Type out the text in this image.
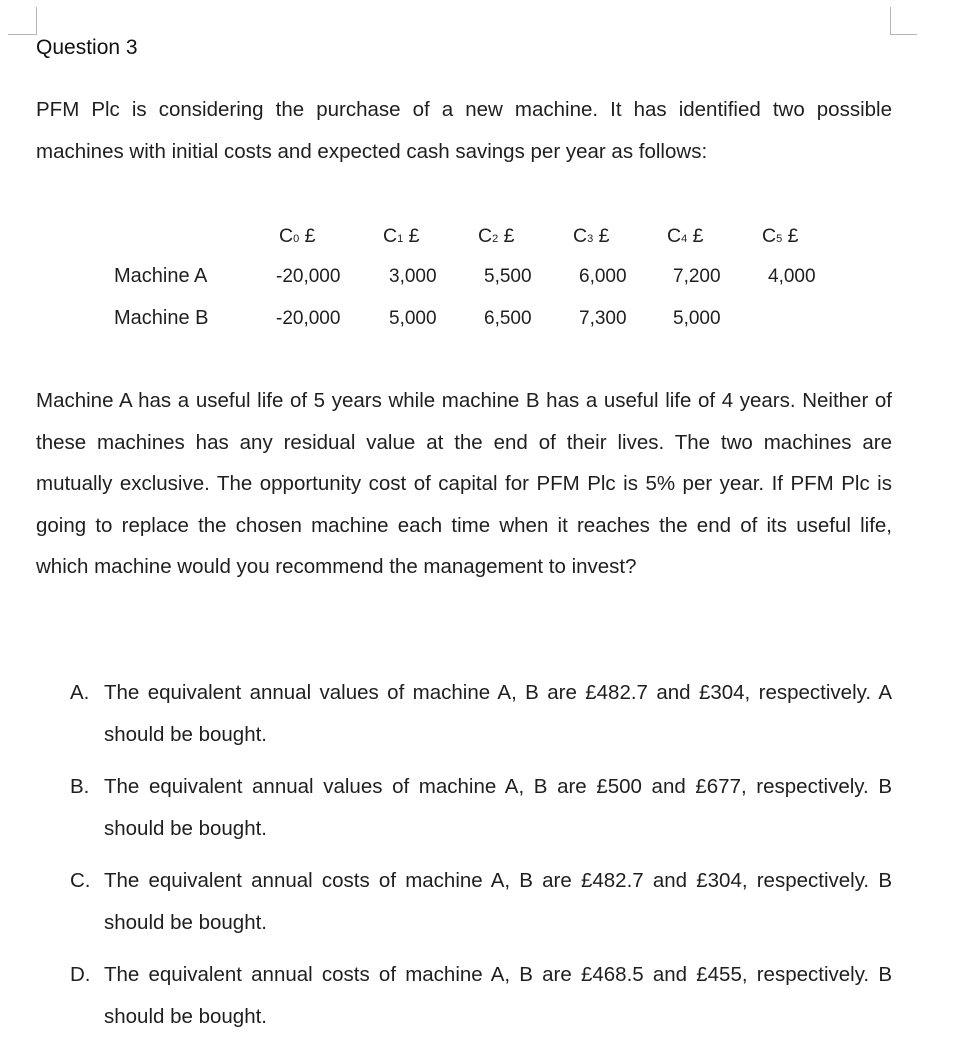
Question 3

PFM Plc is considering the purchase of a new machine. It has identified two possible machines with initial costs and expected cash savings per year as follows:

C0 £	C1 £	C2 £	C3 £	C4 £	C5 £
Machine A	-20,000	3,000 5,500 6,000 7,200 4,000
Machine B	-20,000	5,000 6,500 7,300 5,000

Machine A has a useful life of 5 years while machine B has a useful life of 4 years. Neither of these machines has any residual value at the end of their lives. The two machines are mutually exclusive. The opportunity cost of capital for PFM Plc is 5% per year. If PFM Plc is going to replace the chosen machine each time when it reaches the end of its useful life, which machine would you recommend the management to invest?

A. The equivalent annual values of machine A, B are £482.7 and £304, respectively. A should be bought.
B. The equivalent annual values of machine A, B are £500 and £677, respectively. B should be bought.
C. The equivalent annual costs of machine A, B are £482.7 and £304, respectively. B should be bought.
D. The equivalent annual costs of machine A, B are £468.5 and £455, respectively. B should be bought.
